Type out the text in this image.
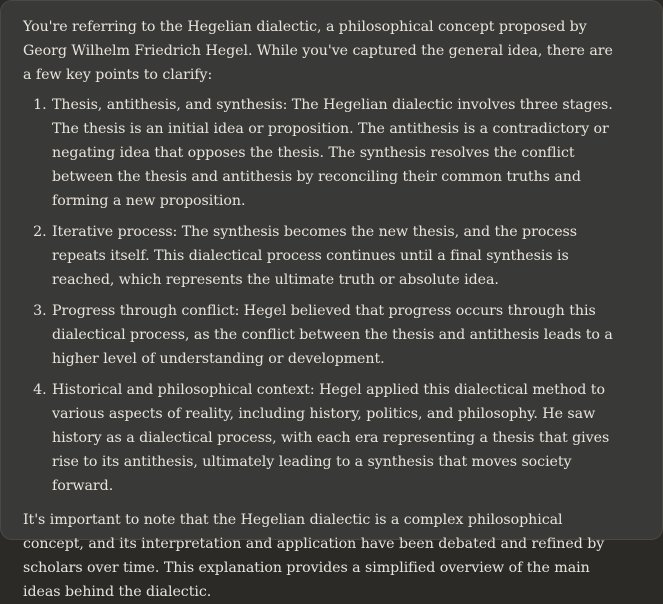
You're referring to the Hegelian dialectic, a philosophical concept proposed by Georg Wilhelm Friedrich Hegel. While you've captured the general idea, there are a few key points to clarify:

1. Thesis, antithesis, and synthesis: The Hegelian dialectic involves three stages. The thesis is an initial idea or proposition. The antithesis is a contradictory or negating idea that opposes the thesis. The synthesis resolves the conflict between the thesis and antithesis by reconciling their common truths and forming a new proposition.
2. Iterative process: The synthesis becomes the new thesis, and the process repeats itself. This dialectical process continues until a final synthesis is reached, which represents the ultimate truth or absolute idea.
3. Progress through conflict: Hegel believed that progress occurs through this dialectical process, as the conflict between the thesis and antithesis leads to a higher level of understanding or development.
4. Historical and philosophical context: Hegel applied this dialectical method to various aspects of reality, including history, politics, and philosophy. He saw history as a dialectical process, with each era representing a thesis that gives rise to its antithesis, ultimately leading to a synthesis that moves society forward.

It's important to note that the Hegelian dialectic is a complex philosophical concept, and its interpretation and application have been debated and refined by scholars over time. This explanation provides a simplified overview of the main ideas behind the dialectic.
